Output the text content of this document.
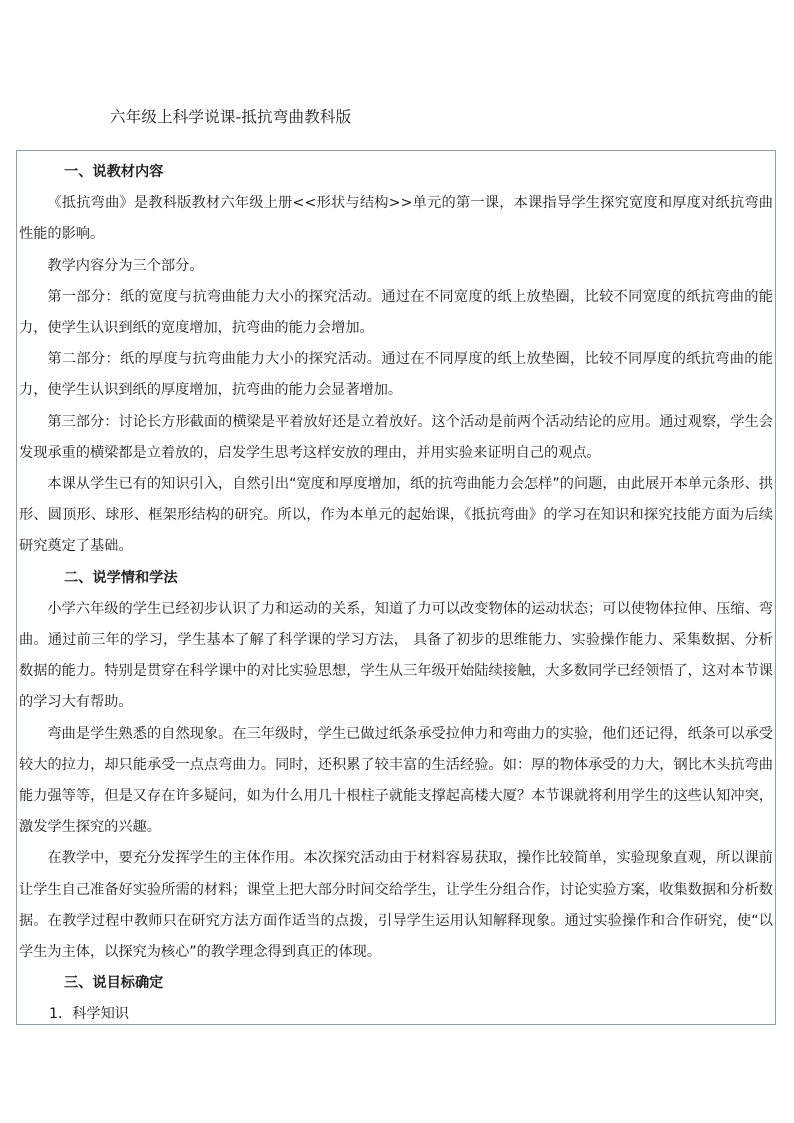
六年级上科学说课-抵抗弯曲教科版

一、说教材内容

《抵抗弯曲》是教科版教材六年级上册<<形状与结构>>单元的第一课，本课指导学生探究宽度和厚度对纸抗弯曲性能的影响。

教学内容分为三个部分。

第一部分：纸的宽度与抗弯曲能力大小的探究活动。通过在不同宽度的纸上放垫圈，比较不同宽度的纸抗弯曲的能力，使学生认识到纸的宽度增加，抗弯曲的能力会增加。

第二部分：纸的厚度与抗弯曲能力大小的探究活动。通过在不同厚度的纸上放垫圈，比较不同厚度的纸抗弯曲的能力，使学生认识到纸的厚度增加，抗弯曲的能力会显著增加。

第三部分：讨论长方形截面的横梁是平着放好还是立着放好。这个活动是前两个活动结论的应用。通过观察，学生会发现承重的横梁都是立着放的，启发学生思考这样安放的理由，并用实验来证明自己的观点。

本课从学生已有的知识引入，自然引出“宽度和厚度增加，纸的抗弯曲能力会怎样”的问题，由此展开本单元条形、拱形、圆顶形、球形、框架形结构的研究。所以，作为本单元的起始课，《抵抗弯曲》的学习在知识和探究技能方面为后续研究奠定了基础。

二、说学情和学法

小学六年级的学生已经初步认识了力和运动的关系，知道了力可以改变物体的运动状态；可以使物体拉伸、压缩、弯曲。通过前三年的学习，学生基本了解了科学课的学习方法， 具备了初步的思维能力、实验操作能力、采集数据、分析数据的能力。特别是贯穿在科学课中的对比实验思想，学生从三年级开始陆续接触，大多数同学已经领悟了，这对本节课的学习大有帮助。

弯曲是学生熟悉的自然现象。在三年级时，学生已做过纸条承受拉伸力和弯曲力的实验，他们还记得，纸条可以承受较大的拉力，却只能承受一点点弯曲力。同时，还积累了较丰富的生活经验。如：厚的物体承受的力大，钢比木头抗弯曲能力强等等，但是又存在许多疑问，如为什么用几十根柱子就能支撑起高楼大厦？本节课就将利用学生的这些认知冲突，激发学生探究的兴趣。

在教学中，要充分发挥学生的主体作用。本次探究活动由于材料容易获取，操作比较简单，实验现象直观，所以课前让学生自己准备好实验所需的材料；课堂上把大部分时间交给学生，让学生分组合作，讨论实验方案，收集数据和分析数据。在教学过程中教师只在研究方法方面作适当的点拨，引导学生运用认知解释现象。通过实验操作和合作研究，使“以学生为主体，以探究为核心”的教学理念得到真正的体现。

三、说目标确定

1．科学知识
